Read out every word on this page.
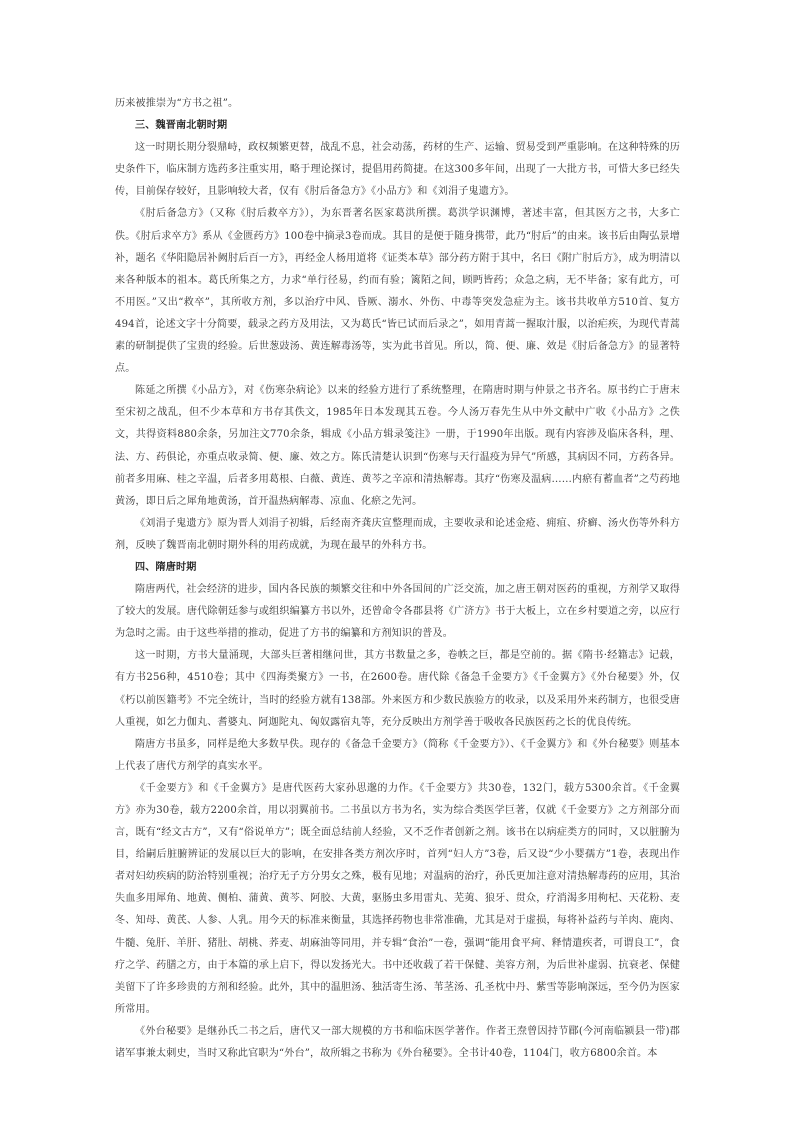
历来被推崇为“方书之祖”。

三、魏晋南北朝时期

这一时期长期分裂鼎峙，政权频繁更替，战乱不息，社会动荡，药材的生产、运输、贸易受到严重影响。在这种特殊的历史条件下，临床制方选药多注重实用，略于理论探讨，提倡用药简捷。在这300多年间，出现了一大批方书，可惜大多已经失传，目前保存较好，且影响较大者，仅有《肘后备急方》《小品方》和《刘涓子鬼遗方》。

《肘后备急方》（又称《肘后救卒方》），为东晋著名医家葛洪所撰。葛洪学识渊博，著述丰富，但其医方之书，大多亡佚。《肘后求卒方》系从《金匮药方》100卷中摘录3卷而成。其目的是便于随身携带，此乃“肘后”的由来。该书后由陶弘景增补，题名《华阳隐居补阙肘后百一方》，再经金人杨用道将《证类本草》部分药方附于其中，名曰《附广肘后方》，成为明清以来各种版本的祖本。葛氏所集之方，力求“单行径易，约而有验；篱陌之间，顾眄皆药；众急之病，无不毕备；家有此方，可不用医。”又出“救卒”，其所收方剂，多以治疗中风、昏厥、溺水、外伤、中毒等突发急症为主。该书共收单方510首、复方494首，论述文字十分简要，载录之药方及用法，又为葛氏“皆已试而后录之”，如用青蒿一握取汁服，以治疟疾，为现代青蒿素的研制提供了宝贵的经验。后世葱豉汤、黄连解毒汤等，实为此书首见。所以，简、便、廉、效是《肘后备急方》的显著特点。

陈延之所撰《小品方》，对《伤寒杂病论》以来的经验方进行了系统整理，在隋唐时期与仲景之书齐名。原书约亡于唐末至宋初之战乱，但不少本草和方书存其佚文，1985年日本发现其五卷。今人汤万春先生从中外文献中广收《小品方》之佚文，共得资料880余条，另加注文770余条，辑成《小品方辑录笺注》一册，于1990年出版。现有内容涉及临床各科，理、法、方、药俱论，亦重点收录简、便、廉、效之方。陈氏清楚认识到“伤寒与天行温疫为异气”所感，其病因不同，方药各异。前者多用麻、桂之辛温，后者多用葛根、白薇、黄连、黄芩之辛凉和清热解毒。其疗“伤寒及温病……内瘀有蓄血者”之芍药地黄汤，即日后之犀角地黄汤，首开温热病解毒、凉血、化瘀之先河。

《刘涓子鬼遗方》原为晋人刘涓子初辑，后经南齐龚庆宣整理而成，主要收录和论述金疮、痈疽、疥癣、汤火伤等外科方剂，反映了魏晋南北朝时期外科的用药成就，为现在最早的外科方书。

四、隋唐时期

隋唐两代，社会经济的进步，国内各民族的频繁交往和中外各国间的广泛交流，加之唐王朝对医药的重视，方剂学又取得了较大的发展。唐代除朝廷参与或组织编纂方书以外，还曾命令各郡县将《广济方》书于大板上，立在乡村要道之旁，以应行为急时之需。由于这些举措的推动，促进了方书的编纂和方剂知识的普及。

这一时期，方书大量涌现，大部头巨著相继问世，其方书数量之多，卷帙之巨，都是空前的。据《隋书·经籍志》记载，有方书256种，4510卷；其中《四海类聚方》一书，在2600卷。唐代除《备急千金要方》《千金翼方》《外台秘要》外，仅《朽以前医籍考》不完全统计，当时的经验方就有138部。外来医方和少数民族验方的收录，以及采用外来药制方，也很受唐人重视，如乞力伽丸、耆婆丸、阿迦陀丸、匈奴露宿丸等，充分反映出方剂学善于吸收各民族医药之长的优良传统。

隋唐方书虽多，同样是绝大多数早佚。现存的《备急千金要方》（简称《千金要方》）、《千金翼方》和《外台秘要》则基本上代表了唐代方剂学的真实水平。

《千金要方》和《千金翼方》是唐代医药大家孙思邈的力作。《千金要方》共30卷，132门，载方5300余首。《千金翼方》亦为30卷，载方2200余首，用以羽翼前书。二书虽以方书为名，实为综合类医学巨著，仅就《千金要方》之方剂部分而言，既有“经文古方”，又有“俗说单方”；既全面总结前人经验，又不乏作者创新之剂。该书在以病症类方的同时，又以脏腑为目，给嗣后脏腑辨证的发展以巨大的影响，在安排各类方剂次序时，首列“妇人方”3卷，后又设“少小婴孺方”1卷，表现出作者对妇幼疾病的防治特别重视；治疗无子方分男女之殊，极有见地；对温病的治疗，孙氏更加注意对清热解毒药的应用，其治失血多用犀角、地黄、侧柏、蒲黄、黄芩、阿胶、大黄，驱肠虫多用雷丸、芜荑、狼牙、贯众，疗消渴多用枸杞、天花粉、麦冬、知母、黄芪、人参、人乳。用今天的标准来衡量，其选择药物也非常准确，尤其是对于虚损，每将补益药与羊肉、鹿肉、牛髓、兔肝、羊肝、猪肚、胡桃、荞麦、胡麻油等同用，并专辑“食治”一卷，强调“能用食平疴、释情遣疾者，可谓良工”，食疗之学、药膳之方，由于本篇的承上启下，得以发扬光大。书中还收载了若干保健、美容方剂，为后世补虚弱、抗衰老、保健美留下了许多珍贵的方剂和经验。此外，其中的温胆汤、独活寄生汤、苇茎汤、孔圣枕中丹、紫雪等影响深远，至今仍为医家所常用。

《外台秘要》是继孙氏二书之后，唐代又一部大规模的方书和临床医学著作。作者王焘曾因持节郿(今河南临颍县一带)郡诸军事兼太刺史，当时又称此官职为“外台”，故所辑之书称为《外台秘要》。全书计40卷，1104门，收方6800余首。本
